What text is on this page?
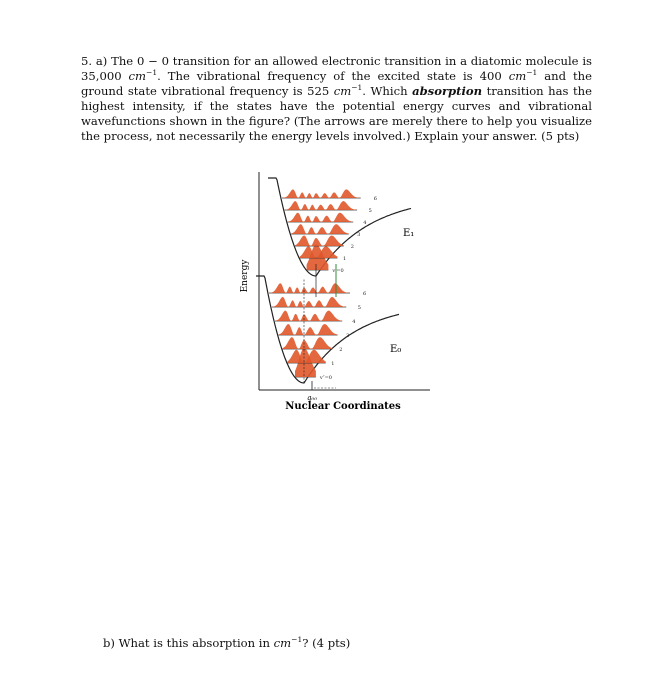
5. a) The 0 − 0 transition for an allowed electronic transition in a diatomic molecule is 35,000 $cm^{-1}$. The vibrational frequency of the excited state is 400 $cm^{-1}$ and the ground state vibrational frequency is 525 $cm^{-1}$. Which absorption transition has the highest intensity, if the states have the potential energy curves and vibrational wavefunctions shown in the figure? (The arrows are merely there to help you visualize the process, not necessarily the energy levels involved.) Explain your answer. (5 pts)
v′=0
1
2
3
4
5
6
v″=0
1
2
3
4
5
6
Energy
Nuclear Coordinates
E₁
E₀
q₀₀
b) What is this absorption in $cm^{-1}$? (4 pts)
